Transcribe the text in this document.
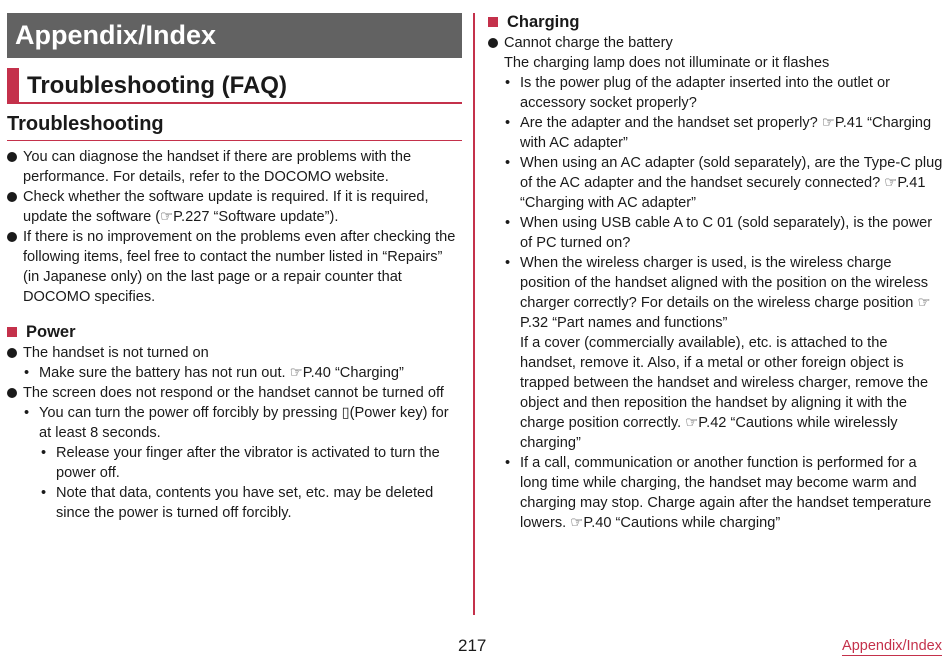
Appendix/Index
Troubleshooting (FAQ)
Troubleshooting
You can diagnose the handset if there are problems with the performance. For details, refer to the DOCOMO website.
Check whether the software update is required. If it is required, update the software (☞P.227 “Software update”).
If there is no improvement on the problems even after checking the following items, feel free to contact the number listed in “Repairs” (in Japanese only) on the last page or a repair counter that DOCOMO specifies.
Power
The handset is not turned on
• Make sure the battery has not run out. ☞P.40 “Charging”
The screen does not respond or the handset cannot be turned off
• You can turn the power off forcibly by pressing ▯(Power key) for at least 8 seconds.
• Release your finger after the vibrator is activated to turn the power off.
• Note that data, contents you have set, etc. may be deleted since the power is turned off forcibly.
Charging
Cannot charge the battery
The charging lamp does not illuminate or it flashes
• Is the power plug of the adapter inserted into the outlet or accessory socket properly?
• Are the adapter and the handset set properly? ☞P.41 “Charging with AC adapter”
• When using an AC adapter (sold separately), are the Type-C plug of the AC adapter and the handset securely connected? ☞P.41 “Charging with AC adapter”
• When using USB cable A to C 01 (sold separately), is the power of PC turned on?
• When the wireless charger is used, is the wireless charge position of the handset aligned with the position on the wireless charger correctly? For details on the wireless charge position ☞P.32 “Part names and functions”
If a cover (commercially available), etc. is attached to the handset, remove it. Also, if a metal or other foreign object is trapped between the handset and wireless charger, remove the object and then reposition the handset by aligning it with the charge position correctly. ☞P.42 “Cautions while wirelessly charging”
• If a call, communication or another function is performed for a long time while charging, the handset may become warm and charging may stop. Charge again after the handset temperature lowers. ☞P.40 “Cautions while charging”
217	Appendix/Index
